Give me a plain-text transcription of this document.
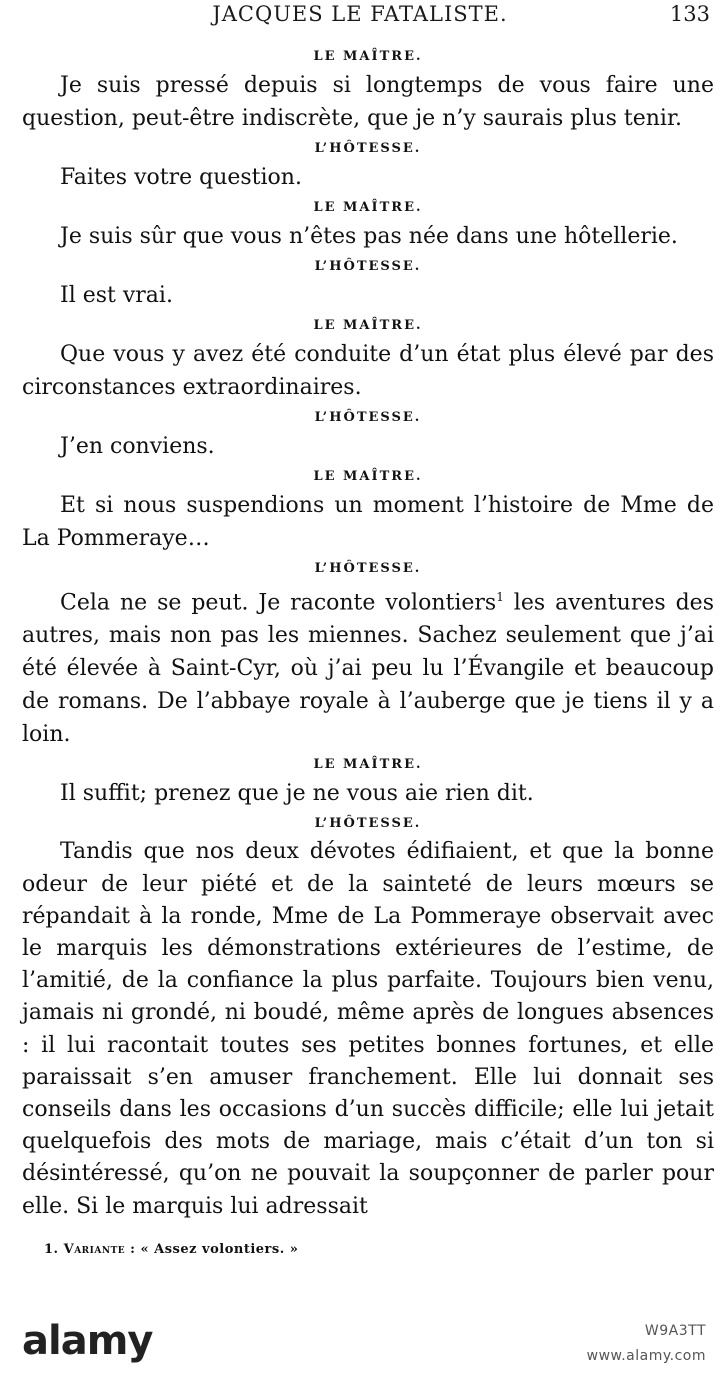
JACQUES LE FATALISTE.	133
LE MAÎTRE.

Je suis pressé depuis si longtemps de vous faire une question, peut-être indiscrète, que je n’y saurais plus tenir.

L’HÔTESSE.

Faites votre question.

LE MAÎTRE.

Je suis sûr que vous n’êtes pas née dans une hôtellerie.

L’HÔTESSE.

Il est vrai.

LE MAÎTRE.

Que vous y avez été conduite d’un état plus élevé par des circonstances extraordinaires.

L’HÔTESSE.

J’en conviens.

LE MAÎTRE.

Et si nous suspendions un moment l’histoire de Mme de La Pommeraye…

L’HÔTESSE.

Cela ne se peut. Je raconte volontiers$^1$ les aventures des autres, mais non pas les miennes. Sachez seulement que j’ai été élevée à Saint-Cyr, où j’ai peu lu l’Évangile et beaucoup de romans. De l’abbaye royale à l’auberge que je tiens il y a loin.

LE MAÎTRE.

Il suffit; prenez que je ne vous aie rien dit.

L’HÔTESSE.

Tandis que nos deux dévotes édifiaient, et que la bonne odeur de leur piété et de la sainteté de leurs mœurs se répandait à la ronde, Mme de La Pommeraye observait avec le marquis les démonstrations extérieures de l’estime, de l’amitié, de la confiance la plus parfaite. Toujours bien venu, jamais ni grondé, ni boudé, même après de longues absences : il lui racontait toutes ses petites bonnes fortunes, et elle paraissait s’en amuser franchement. Elle lui donnait ses conseils dans les occasions d’un succès difficile; elle lui jetait quelquefois des mots de mariage, mais c’était d’un ton si désintéressé, qu’on ne pouvait la soupçonner de parler pour elle. Si le marquis lui adressait

1. Variante : « Assez volontiers. »
alamy	W9A3TT
www.alamy.com
